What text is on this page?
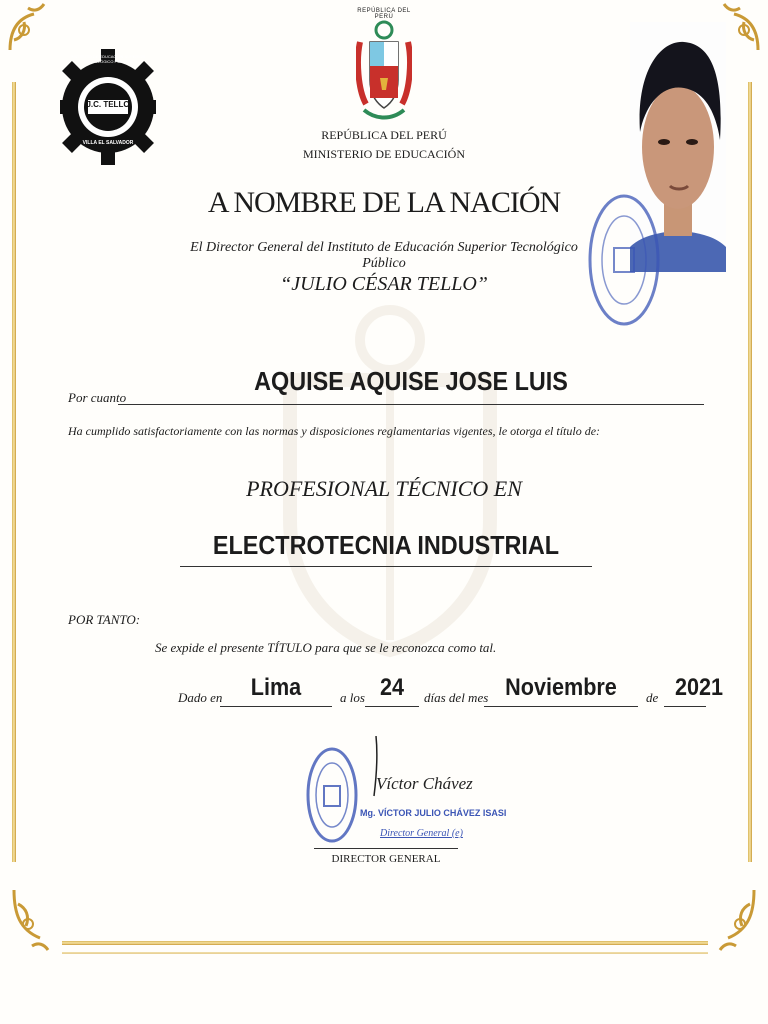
J.C. TELLO
VILLA EL SALVADOR
INSTITUTO DE EDUCACIÓN SUPERIOR TECNOLÓGICO PÚBLICO
REPÚBLICA DEL PERÚ
REPÚBLICA DEL PERÚ
MINISTERIO DE EDUCACIÓN
A NOMBRE DE LA NACIÓN
El Director General del Instituto de Educación Superior Tecnológico Público
“JULIO CÉSAR TELLO”
Por cuanto
AQUISE AQUISE JOSE LUIS
Ha cumplido satisfactoriamente con las normas y disposiciones reglamentarias vigentes, le otorga el título de:
PROFESIONAL TÉCNICO EN
ELECTROTECNIA INDUSTRIAL
POR TANTO:
Se expide el presente TÍTULO para que se le reconozca como tal.
Dado en	Lima	a los 24	días del mes Noviembre	de 2021
Víctor Chávez
Mg. VÍCTOR JULIO CHÁVEZ ISASI
Director General (e)
DIRECTOR GENERAL
